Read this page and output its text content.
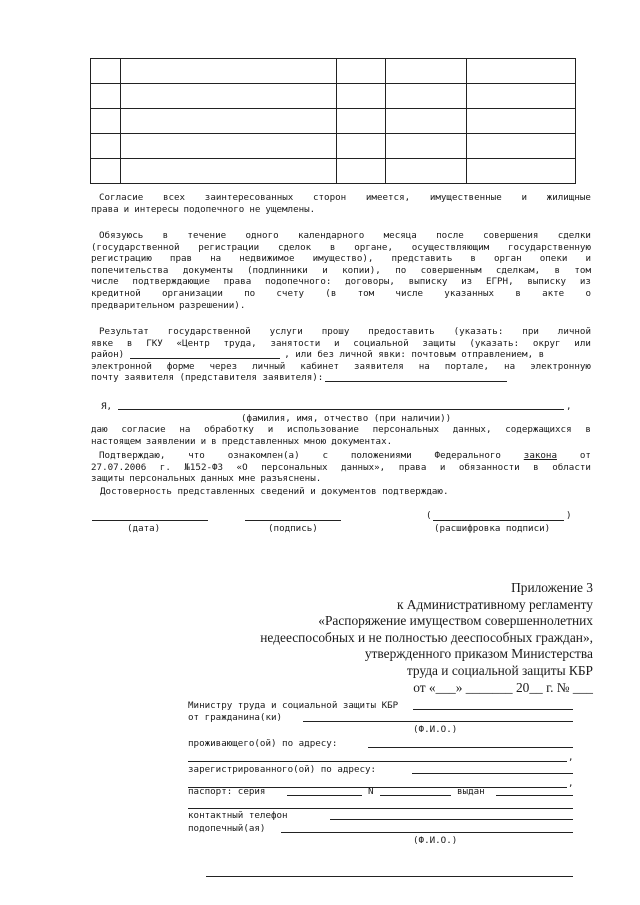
Согласие всех заинтересованных сторон имеется, имущественные и жилищные
права и интересы подопечного не ущемлены.
Обязуюсь в течение одного календарного месяца после совершения сделки
(государственной регистрации сделок в органе, осуществляющим государственную
регистрацию прав на недвижимое имущество), представить в орган опеки и
попечительства документы (подлинники и копии), по совершенным сделкам, в том
числе подтверждающие права подопечного: договоры, выписку из ЕГРН, выписку из
кредитной организации по счету (в том числе указанных в акте о
предварительном разрешении).
Результат государственной услуги прошу предоставить (указать: при личной
явке в ГКУ «Центр труда, занятости и социальной защиты (указать: округ или
район)	, или без личной явки: почтовым отправлением, в
электронной форме через личный кабинет заявителя на портале, на электронную
почту заявителя (представителя заявителя):
Я,	,
(фамилия, имя, отчество (при наличии))
даю согласие на обработку и использование персональных данных, содержащихся в
настоящем заявлении и в представленных мною документах.
Подтверждаю, что ознакомлен(а) с положениями Федерального закона от
27.07.2006 г. №152-ФЗ «О персональных данных», права и обязанности в области
защиты персональных данных мне разъяснены.
Достоверность представленных сведений и документов подтверждаю.
(дата)	(подпись)
(	)
(расшифровка подписи)
Приложение 3
к Административному регламенту
«Распоряжение имуществом совершеннолетних
недееспособных и не полностью дееспособных граждан»,
утвержденного приказом Министерства
труда и социальной защиты КБР
от «___» _______ 20__ г. № ___
Министру труда и социальной защиты КБР
от гражданина(ки)
(Ф.И.О.)
проживающего(ой) по адресу:
,
зарегистрированного(ой) по адресу:
,
паспорт: серия	N	выдан
контактный телефон
подопечный(ая)
(Ф.И.О.)
